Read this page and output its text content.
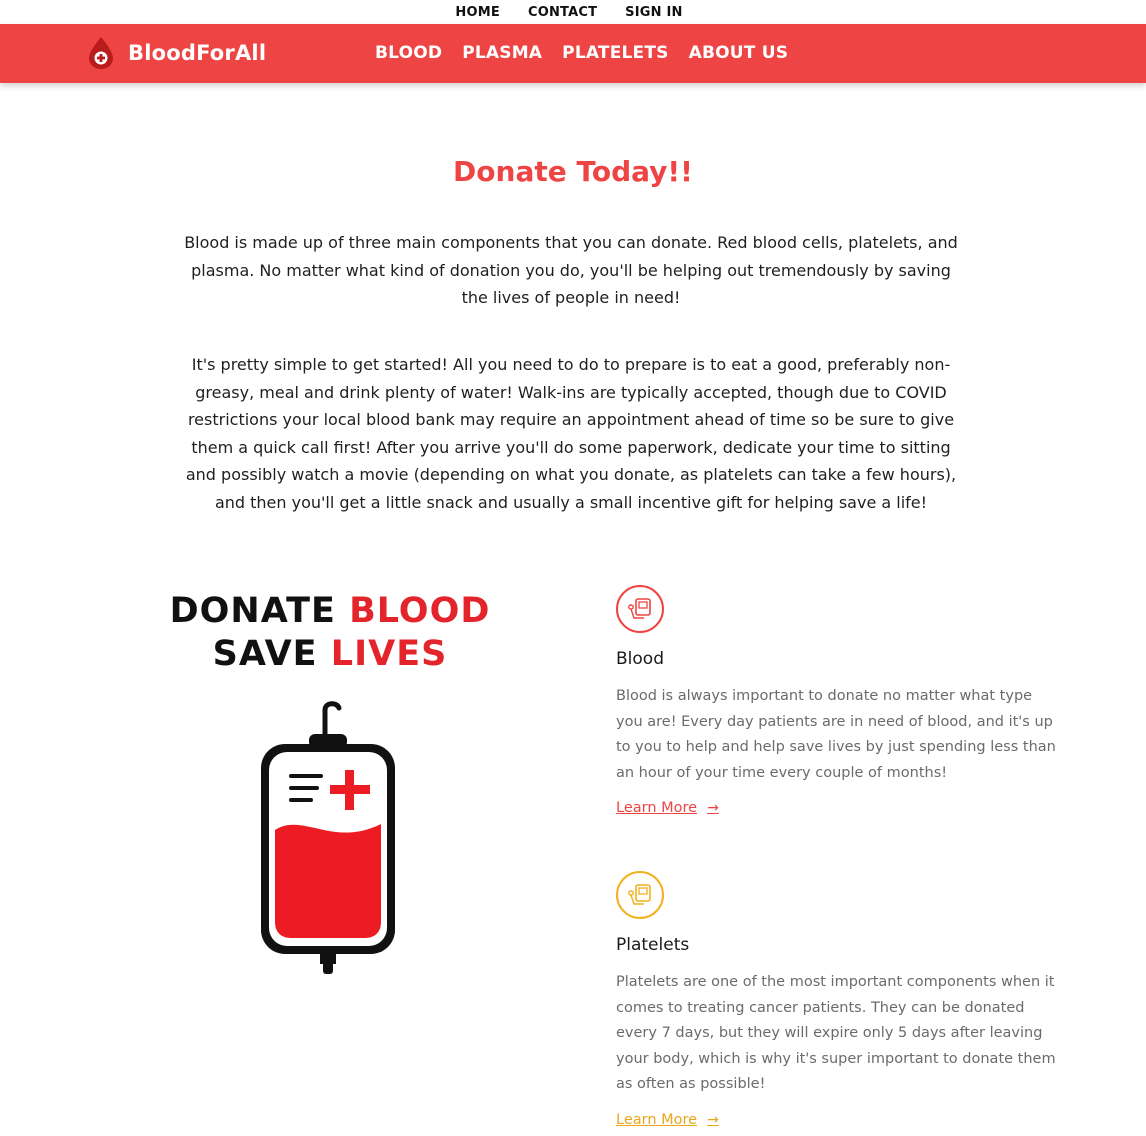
HOME CONTACT SIGN IN
BloodForAll	BLOOD PLASMA PLATELETS ABOUT US
Donate Today!!

Blood is made up of three main components that you can donate. Red blood cells, platelets, and plasma. No matter what kind of donation you do, you'll be helping out tremendously by saving the lives of people in need!

It's pretty simple to get started! All you need to do to prepare is to eat a good, preferably non-greasy, meal and drink plenty of water! Walk-ins are typically accepted, though due to COVID restrictions your local blood bank may require an appointment ahead of time so be sure to give them a quick call first! After you arrive you'll do some paperwork, dedicate your time to sitting and possibly watch a movie (depending on what you donate, as platelets can take a few hours), and then you'll get a little snack and usually a small incentive gift for helping save a life!

DONATE BLOOD
SAVE LIVES	Blood
Blood is always important to donate no matter what type you are! Every day patients are in need of blood, and it's up to you to help and help save lives by just spending less than an hour of your time every couple of months!
Learn More →
Platelets
Platelets are one of the most important components when it comes to treating cancer patients. They can be donated every 7 days, but they will expire only 5 days after leaving your body, which is why it's super important to donate them as often as possible!
Learn More →
